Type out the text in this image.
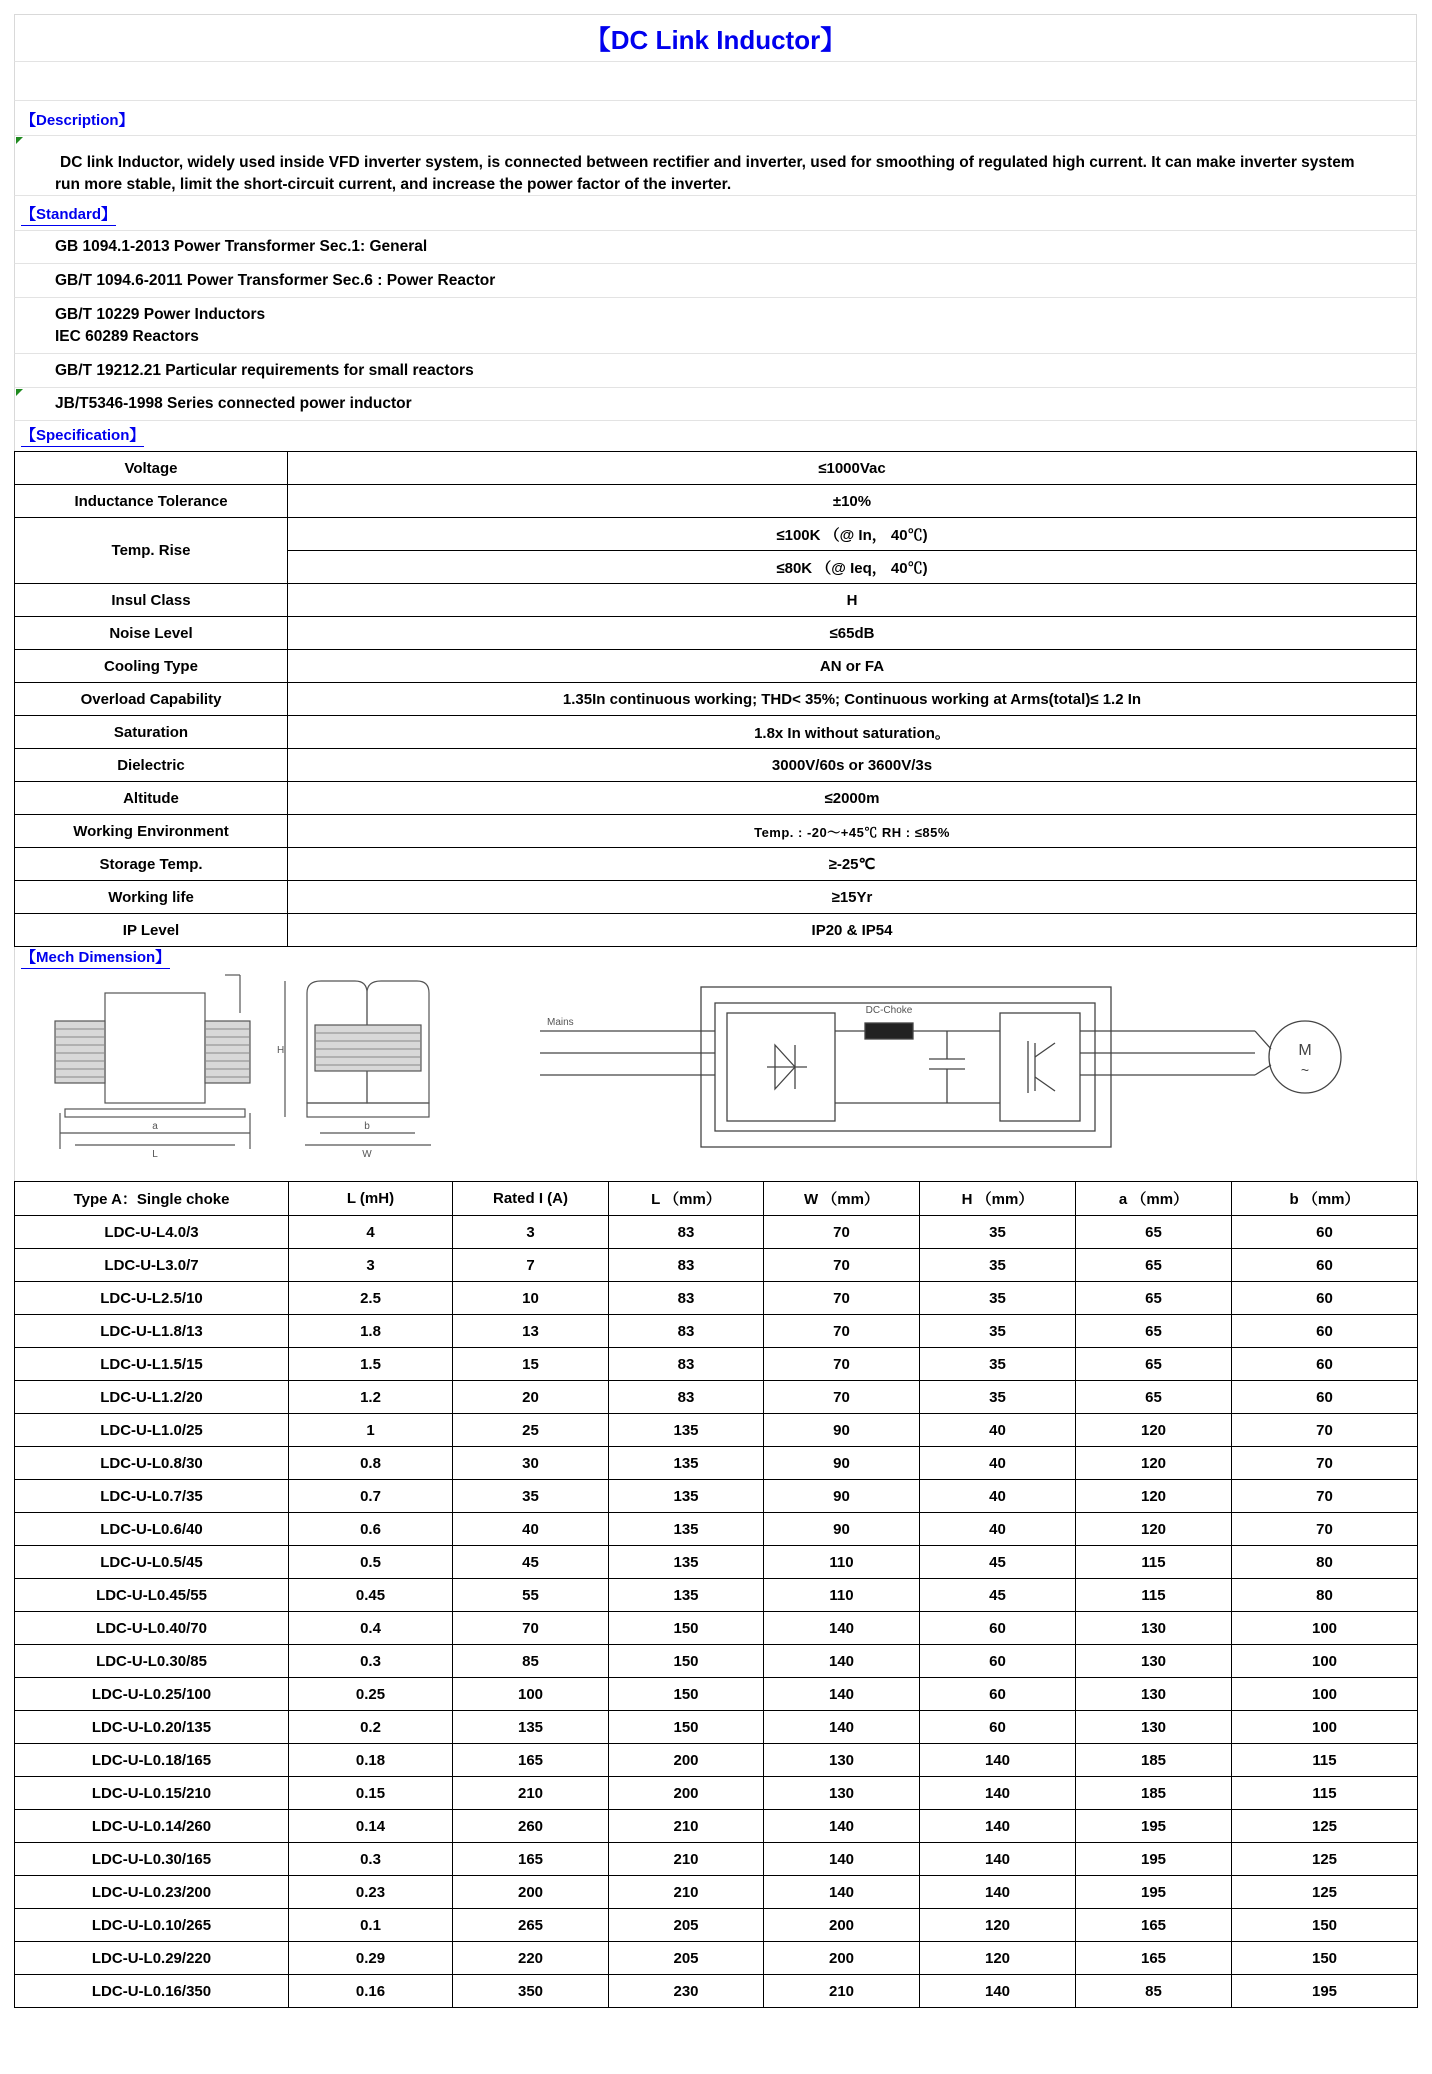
【DC Link Inductor】
【Description】

DC link Inductor, widely used inside VFD inverter system, is connected between rectifier and inverter, used for smoothing of regulated high current. It can make inverter system run more stable, limit the short-circuit current, and increase the power factor of the inverter.

【Standard】
GB 1094.1-2013 Power Transformer Sec.1: General
GB/T 1094.6-2011 Power Transformer Sec.6 : Power Reactor
GB/T 10229 Power Inductors
IEC 60289 Reactors
GB/T 19212.21 Particular requirements for small reactors
JB/T5346-1998 Series connected power inductor
【Specification】
Voltage	≤1000Vac
Inductance Tolerance	±10%
Temp. Rise	≤100K （@ In， 40℃)
	≤80K （@ Ieq， 40℃)
Insul Class	H
Noise Level	≤65dB
Cooling Type	AN or FA
Overload Capability	1.35In continuous working; THD< 35%; Continuous working at Arms(total)≤ 1.2 In
Saturation	1.8x In without saturation。
Dielectric	3000V/60s or 3600V/3s
Altitude	≤2000m
Working Environment	Temp. : -20～+45℃ RH : ≤85%
Storage Temp.	≥-25℃
Working life	≥15Yr
IP Level	IP20 & IP54
【Mech Dimension】
a
L
H
b
W
Mains
DC-Choke
M
~
Type A：Single choke	L (mH)	Rated I (A)	L （mm）	W （mm）	H （mm）	a （mm）	b （mm）
LDC-U-L4.0/3	4	3	83	70	35	65	60
LDC-U-L3.0/7	3	7	83	70	35	65	60
LDC-U-L2.5/10	2.5	10	83	70	35	65	60
LDC-U-L1.8/13	1.8	13	83	70	35	65	60
LDC-U-L1.5/15	1.5	15	83	70	35	65	60
LDC-U-L1.2/20	1.2	20	83	70	35	65	60
LDC-U-L1.0/25	1	25	135	90	40	120	70
LDC-U-L0.8/30	0.8	30	135	90	40	120	70
LDC-U-L0.7/35	0.7	35	135	90	40	120	70
LDC-U-L0.6/40	0.6	40	135	90	40	120	70
LDC-U-L0.5/45	0.5	45	135	110	45	115	80
LDC-U-L0.45/55	0.45	55	135	110	45	115	80
LDC-U-L0.40/70	0.4	70	150	140	60	130	100
LDC-U-L0.30/85	0.3	85	150	140	60	130	100
LDC-U-L0.25/100	0.25	100	150	140	60	130	100
LDC-U-L0.20/135	0.2	135	150	140	60	130	100
LDC-U-L0.18/165	0.18	165	200	130	140	185	115
LDC-U-L0.15/210	0.15	210	200	130	140	185	115
LDC-U-L0.14/260	0.14	260	210	140	140	195	125
LDC-U-L0.30/165	0.3	165	210	140	140	195	125
LDC-U-L0.23/200	0.23	200	210	140	140	195	125
LDC-U-L0.10/265	0.1	265	205	200	120	165	150
LDC-U-L0.29/220	0.29	220	205	200	120	165	150
LDC-U-L0.16/350	0.16	350	230	210	140	85	195
